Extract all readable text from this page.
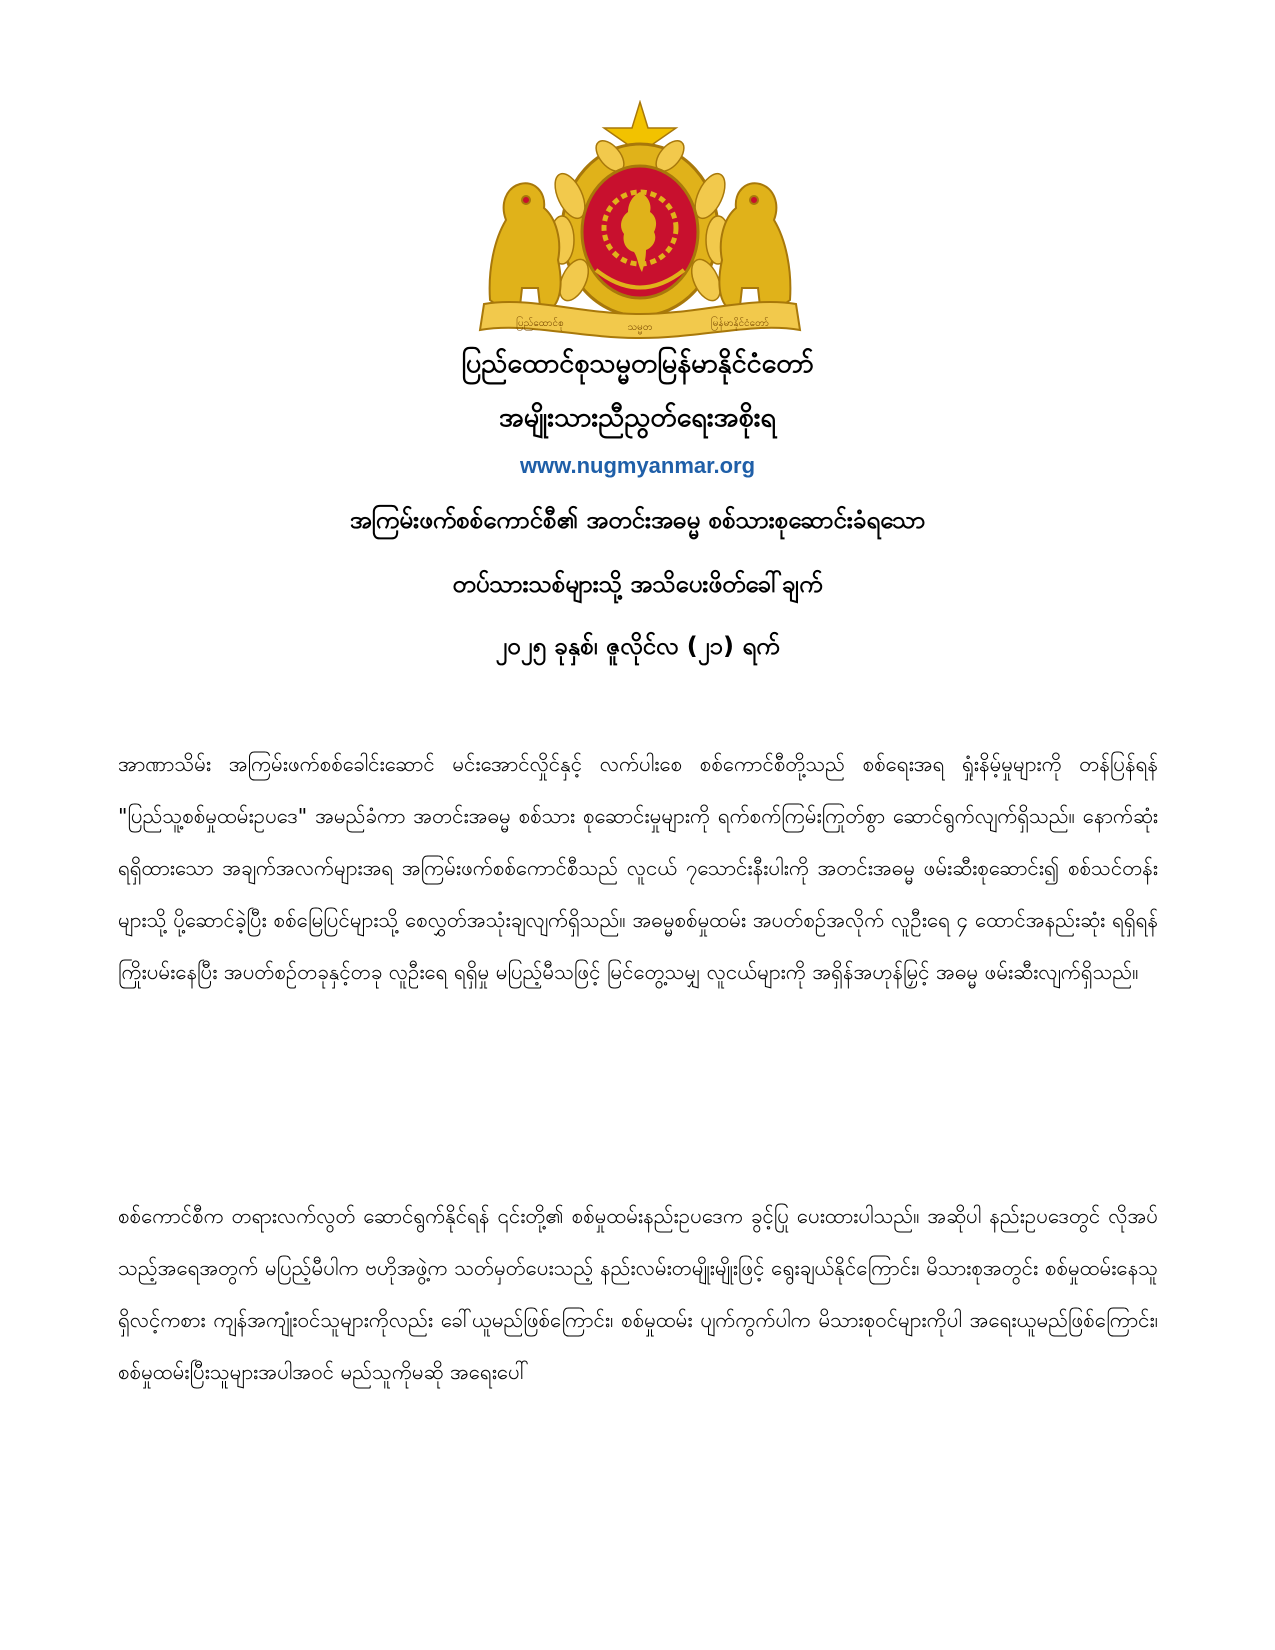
ပြည်ထောင်စု	သမ္မတ	မြန်မာနိုင်ငံတော်
ပြည်ထောင်စုသမ္မတမြန်မာနိုင်ငံတော်
အမျိုးသားညီညွတ်ရေးအစိုးရ
www.nugmyanmar.org
အကြမ်းဖက်စစ်ကောင်စီ၏ အတင်းအဓမ္မ စစ်သားစုဆောင်းခံရသော
တပ်သားသစ်များသို့ အသိပေးဖိတ်ခေါ်ချက်
၂၀၂၅ ခုနှစ်၊ ဇူလိုင်လ (၂၁) ရက်

အာဏာသိမ်း အကြမ်းဖက်စစ်ခေါင်းဆောင် မင်းအောင်လှိုင်နှင့် လက်ပါးစေ စစ်ကောင်စီတို့သည် စစ်ရေးအရ ရှုံးနိမ့်မှုများကို တန်ပြန်ရန် "ပြည်သူ့စစ်မှုထမ်းဥပဒေ" အမည်ခံကာ အတင်းအဓမ္မ စစ်သား စုဆောင်းမှုများကို ရက်စက်ကြမ်းကြုတ်စွာ ဆောင်ရွက်လျက်ရှိသည်။ နောက်ဆုံး ရရှိထားသော အချက်အလက်များအရ အကြမ်းဖက်စစ်ကောင်စီသည် လူငယ် ၇သောင်းနီးပါးကို အတင်းအဓမ္မ ဖမ်းဆီးစုဆောင်း၍ စစ်သင်တန်းများသို့ ပို့ဆောင်ခဲ့ပြီး စစ်မြေပြင်များသို့ စေလွှတ်အသုံးချလျက်ရှိသည်။ အဓမ္မစစ်မှုထမ်း အပတ်စဉ်အလိုက် လူဦးရေ ၄ ထောင်အနည်းဆုံး ရရှိရန် ကြိုးပမ်းနေပြီး အပတ်စဉ်တခုနှင့်တခု လူဦးရေ ရရှိမှု မပြည့်မီသဖြင့် မြင်တွေ့သမျှ လူငယ်များကို အရှိန်အဟုန်မြှင့် အဓမ္မ ဖမ်းဆီးလျက်ရှိသည်။

စစ်ကောင်စီက တရားလက်လွတ် ဆောင်ရွက်နိုင်ရန် ၎င်းတို့၏ စစ်မှုထမ်းနည်းဥပဒေက ခွင့်ပြု ပေးထားပါသည်။ အဆိုပါ နည်းဥပဒေတွင် လိုအပ်သည့်အရေအတွက် မပြည့်မီပါက ဗဟိုအဖွဲ့က သတ်မှတ်ပေးသည့် နည်းလမ်းတမျိုးမျိုးဖြင့် ရွေးချယ်နိုင်ကြောင်း၊ မိသားစုအတွင်း စစ်မှုထမ်းနေသူ ရှိလင့်ကစား ကျန်အကျုံးဝင်သူများကိုလည်း ခေါ်ယူမည်ဖြစ်ကြောင်း၊ စစ်မှုထမ်း ပျက်ကွက်ပါက မိသားစုဝင်များကိုပါ အရေးယူမည်ဖြစ်ကြောင်း၊ စစ်မှုထမ်းပြီးသူများအပါအဝင် မည်သူကိုမဆို အရေးပေါ်
